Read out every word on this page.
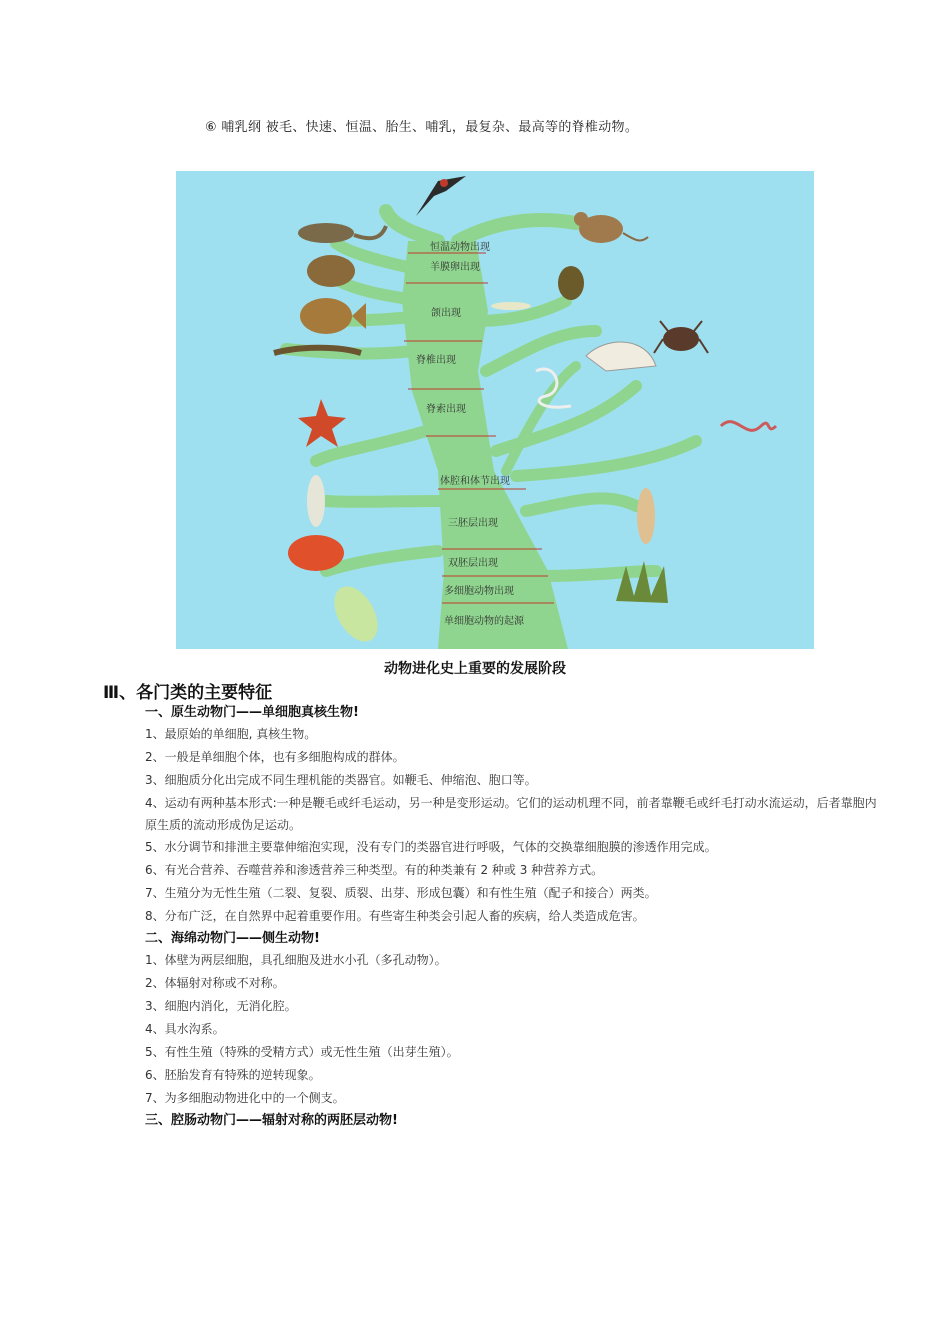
⑥ 哺乳纲 被毛、快速、恒温、胎生、哺乳，最复杂、最高等的脊椎动物。
恒温动物出现
羊膜卵出现
颌出现
脊椎出现
脊索出现
体腔和体节出现
三胚层出现
双胚层出现
多细胞动物出现
单细胞动物的起源
动物进化史上重要的发展阶段
Ⅲ、各门类的主要特征

一、原生动物门——单细胞真核生物!

1、最原始的单细胞, 真核生物。

2、一般是单细胞个体，也有多细胞构成的群体。

3、细胞质分化出完成不同生理机能的类器官。如鞭毛、伸缩泡、胞口等。

4、运动有两种基本形式:一种是鞭毛或纤毛运动，另一种是变形运动。它们的运动机理不同，前者靠鞭毛或纤毛打动水流运动，后者靠胞内原生质的流动形成伪足运动。

5、水分调节和排泄主要靠伸缩泡实现，没有专门的类器官进行呼吸，气体的交换靠细胞膜的渗透作用完成。

6、有光合营养、吞噬营养和渗透营养三种类型。有的种类兼有 2 种或 3 种营养方式。

7、生殖分为无性生殖（二裂、复裂、质裂、出芽、形成包囊）和有性生殖（配子和接合）两类。

8、分布广泛，在自然界中起着重要作用。有些寄生种类会引起人畜的疾病，给人类造成危害。

二、海绵动物门——侧生动物!

1、体壁为两层细胞，具孔细胞及进水小孔（多孔动物）。

2、体辐射对称或不对称。

3、细胞内消化，无消化腔。

4、具水沟系。

5、有性生殖（特殊的受精方式）或无性生殖（出芽生殖）。

6、胚胎发育有特殊的逆转现象。

7、为多细胞动物进化中的一个侧支。

三、腔肠动物门——辐射对称的两胚层动物!
